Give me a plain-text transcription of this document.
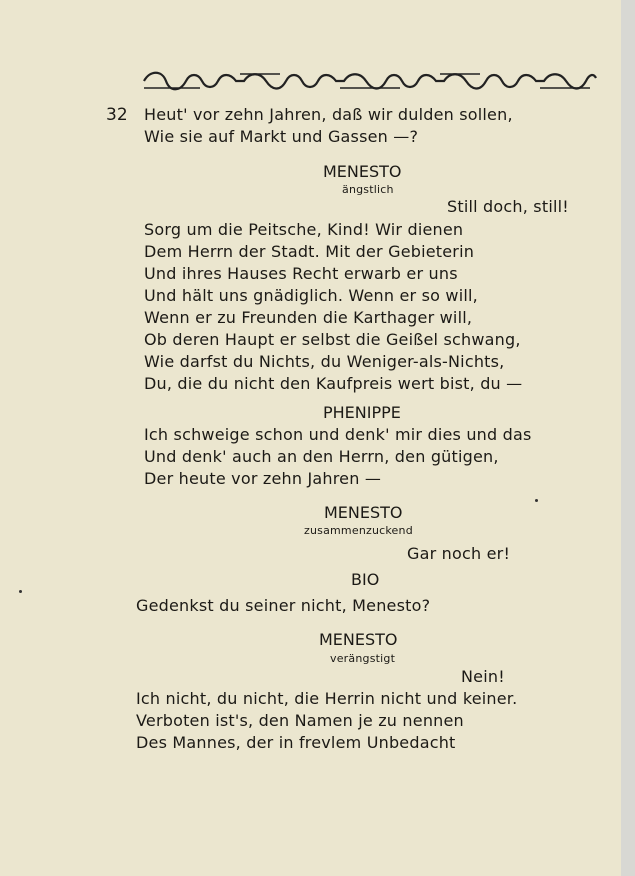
32 Heut' vor zehn Jahren, daß wir dulden sollen,
Wie sie auf Markt und Gassen —?
MENESTO
ängstlich
Still doch, still!
Sorg um die Peitsche, Kind! Wir dienen
Dem Herrn der Stadt. Mit der Gebieterin
Und ihres Hauses Recht erwarb er uns
Und hält uns gnädiglich. Wenn er so will,
Wenn er zu Freunden die Karthager will,
Ob deren Haupt er selbst die Geißel schwang,
Wie darfst du Nichts, du Weniger-als-Nichts,
Du, die du nicht den Kaufpreis wert bist, du —
PHENIPPE
Ich schweige schon und denk' mir dies und das
Und denk' auch an den Herrn, den gütigen,
Der heute vor zehn Jahren —
MENESTO
zusammenzuckend
Gar noch er!
BIO
Gedenkst du seiner nicht, Menesto?
MENESTO
verängstigt
Nein!
Ich nicht, du nicht, die Herrin nicht und keiner.
Verboten ist's, den Namen je zu nennen
Des Mannes, der in frevlem Unbedacht
